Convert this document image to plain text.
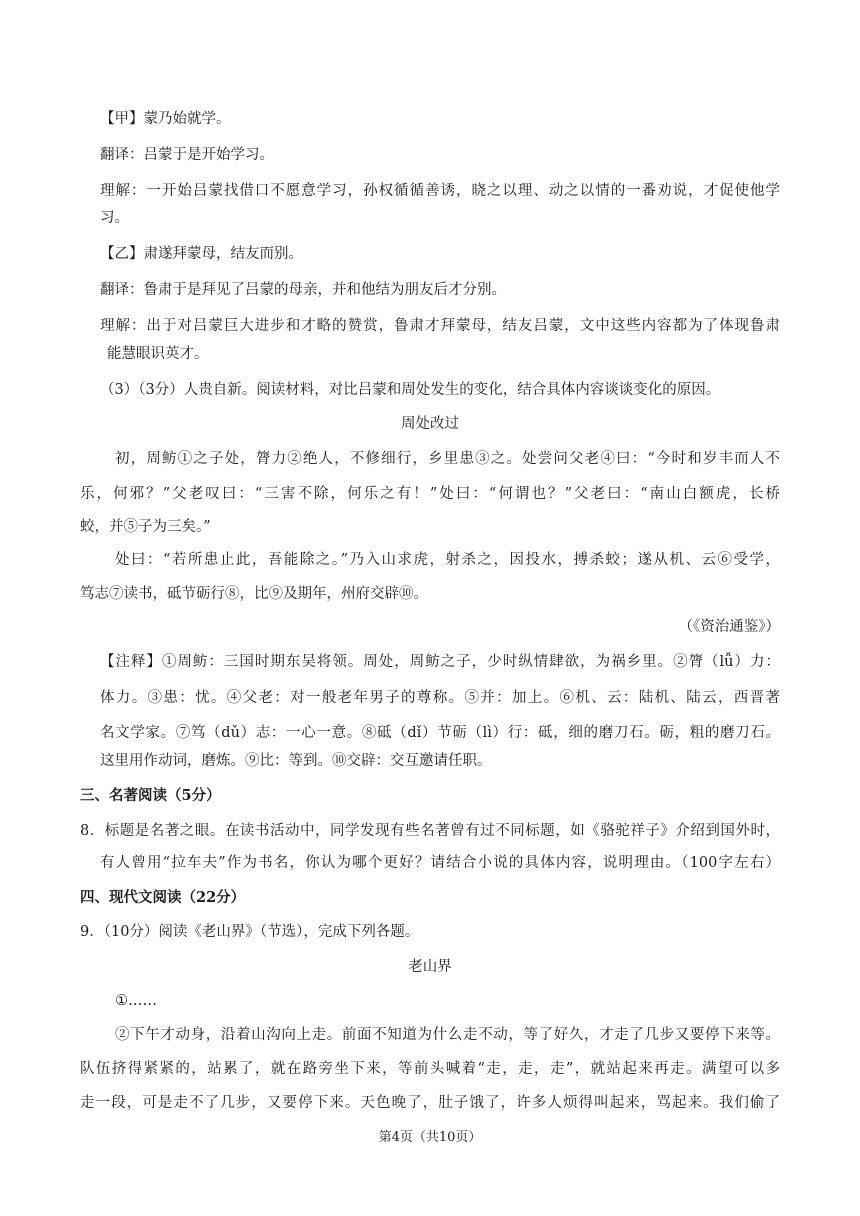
【甲】蒙乃始就学。
翻译：吕蒙于是开始学习。
理解：一开始吕蒙找借口不愿意学习，孙权循循善诱，晓之以理、动之以情的一番劝说，才促使他学
习。
【乙】肃遂拜蒙母，结友而别。
翻译：鲁肃于是拜见了吕蒙的母亲，并和他结为朋友后才分别。
理解：出于对吕蒙巨大进步和才略的赞赏，鲁肃才拜蒙母，结友吕蒙，文中这些内容都为了体现鲁肃
能慧眼识英才。
（3）（3分）人贵自新。阅读材料，对比吕蒙和周处发生的变化，结合具体内容谈谈变化的原因。
周处改过
初，周鲂①之子处，膂力②绝人，不修细行，乡里患③之。处尝问父老④曰：“今时和岁丰而人不
乐，何邪？”父老叹曰：“三害不除，何乐之有！”处曰：“何谓也？”父老曰：“南山白额虎，长桥
蛟，并⑤子为三矣。”
处曰：“若所患止此，吾能除之。”乃入山求虎，射杀之，因投水，搏杀蛟；遂从机、云⑥受学，
笃志⑦读书，砥节砺行⑧，比⑨及期年，州府交辟⑩。
（《资治通鉴》）
【注释】①周鲂：三国时期东吴将领。周处，周鲂之子，少时纵情肆欲，为祸乡里。②膂（lǚ）力：
体力。③患：忧。④父老：对一般老年男子的尊称。⑤并：加上。⑥机、云：陆机、陆云，西晋著
名文学家。⑦笃（dǔ）志：一心一意。⑧砥（dǐ）节砺（lì）行：砥，细的磨刀石。砺，粗的磨刀石。
这里用作动词，磨炼。⑨比：等到。⑩交辟：交互邀请任职。
三、名著阅读（5分）
8．标题是名著之眼。在读书活动中，同学发现有些名著曾有过不同标题，如《骆驼祥子》介绍到国外时，
有人曾用“拉车夫”作为书名，你认为哪个更好？请结合小说的具体内容，说明理由。（100字左右）
四、现代文阅读（22分）
9．（10分）阅读《老山界》（节选），完成下列各题。
老山界
①……
②下午才动身，沿着山沟向上走。前面不知道为什么走不动，等了好久，才走了几步又要停下来等。
队伍挤得紧紧的，站累了，就在路旁坐下来，等前头喊着“走，走，走”，就站起来再走。满望可以多
走一段，可是走不了几步，又要停下来。天色晚了，肚子饿了，许多人烦得叫起来，骂起来。我们偷了
第4页（共10页）
